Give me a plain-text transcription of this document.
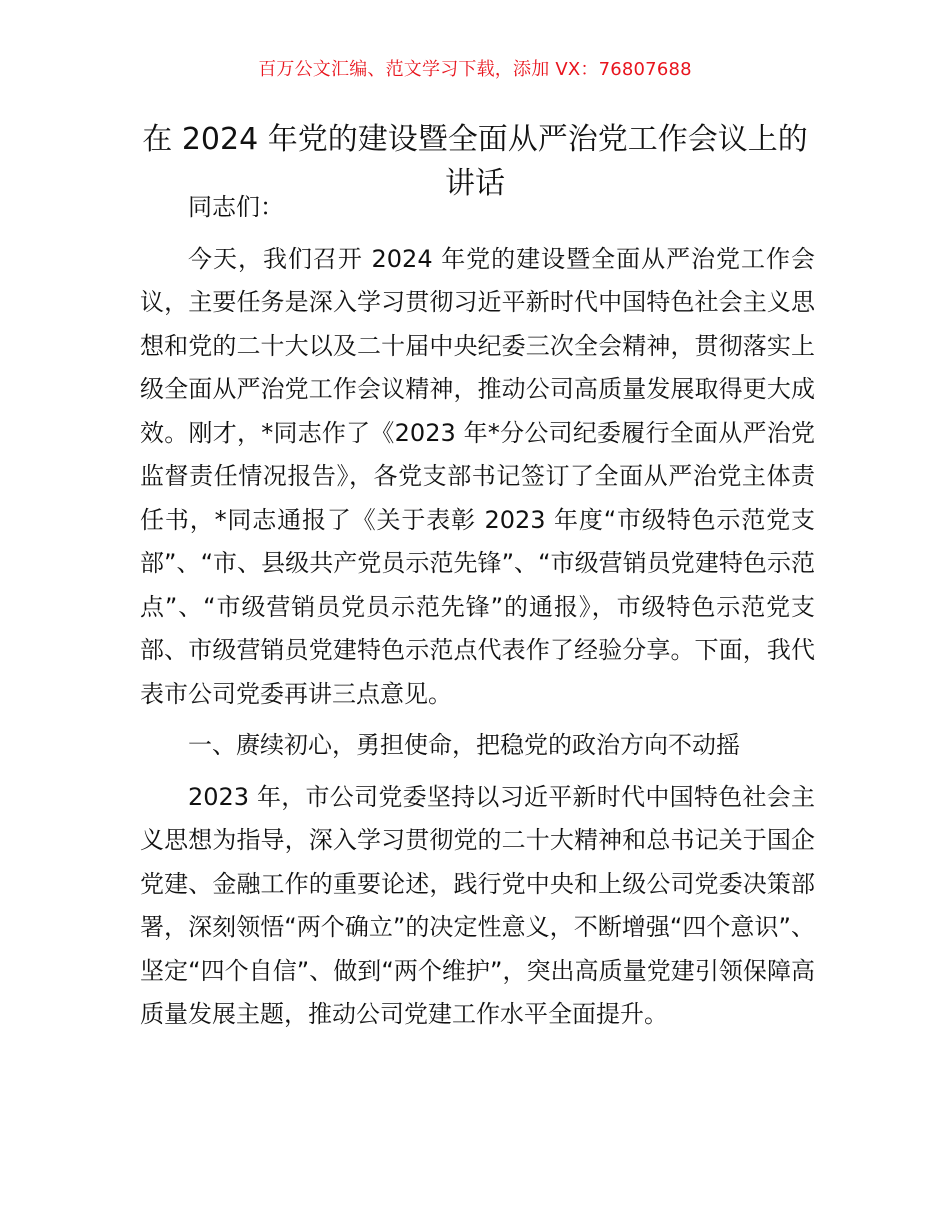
百万公文汇编、范文学习下载，添加 VX：76807688
在 2024 年党的建设暨全面从严治党工作会议上的讲话

同志们：

今天，我们召开 2024 年党的建设暨全面从严治党工作会议，主要任务是深入学习贯彻习近平新时代中国特色社会主义思想和党的二十大以及二十届中央纪委三次全会精神，贯彻落实上级全面从严治党工作会议精神，推动公司高质量发展取得更大成效。刚才，*同志作了《2023 年*分公司纪委履行全面从严治党监督责任情况报告》，各党支部书记签订了全面从严治党主体责任书，*同志通报了《关于表彰 2023 年度“市级特色示范党支部”、“市、县级共产党员示范先锋”、“市级营销员党建特色示范点”、“市级营销员党员示范先锋”的通报》，市级特色示范党支部、市级营销员党建特色示范点代表作了经验分享。下面，我代表市公司党委再讲三点意见。

一、赓续初心，勇担使命，把稳党的政治方向不动摇

2023 年，市公司党委坚持以习近平新时代中国特色社会主义思想为指导，深入学习贯彻党的二十大精神和总书记关于国企党建、金融工作的重要论述，践行党中央和上级公司党委决策部署，深刻领悟“两个确立”的决定性意义，不断增强“四个意识”、坚定“四个自信”、做到“两个维护”，突出高质量党建引领保障高质量发展主题，推动公司党建工作水平全面提升。
